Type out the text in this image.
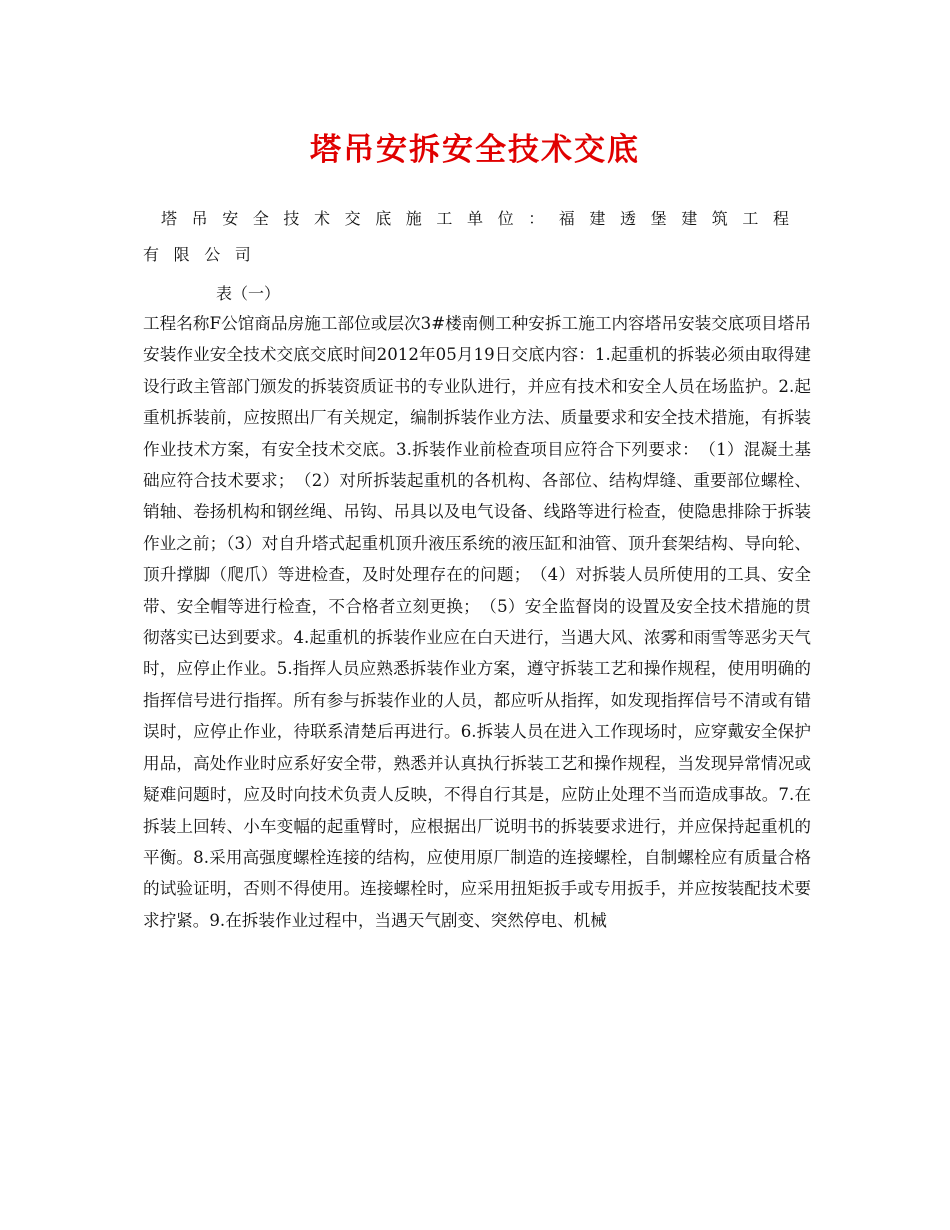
塔吊安拆安全技术交底

塔吊安全技术交底施工单位：福建透堡建筑工程有限公司

表（一）

工程名称F公馆商品房施工部位或层次3#楼南侧工种安拆工施工内容塔吊安装交底项目塔吊安装作业安全技术交底交底时间2012年05月19日交底内容：1.起重机的拆装必须由取得建设行政主管部门颁发的拆装资质证书的专业队进行，并应有技术和安全人员在场监护。2.起重机拆装前，应按照出厂有关规定，编制拆装作业方法、质量要求和安全技术措施，有拆装作业技术方案，有安全技术交底。3.拆装作业前检查项目应符合下列要求：　（1）混凝土基础应符合技术要求；　（2）对所拆装起重机的各机构、各部位、结构焊缝、重要部位螺栓、销轴、卷扬机构和钢丝绳、吊钩、吊具以及电气设备、线路等进行检查，使隐患排除于拆装作业之前；（3）对自升塔式起重机顶升液压系统的液压缸和油管、顶升套架结构、导向轮、顶升撑脚（爬爪）等进检查，及时处理存在的问题；　（4）对拆装人员所使用的工具、安全带、安全帽等进行检查，不合格者立刻更换；　（5）安全监督岗的设置及安全技术措施的贯彻落实已达到要求。4.起重机的拆装作业应在白天进行，当遇大风、浓雾和雨雪等恶劣天气时，应停止作业。5.指挥人员应熟悉拆装作业方案，遵守拆装工艺和操作规程，使用明确的指挥信号进行指挥。所有参与拆装作业的人员，都应听从指挥，如发现指挥信号不清或有错误时，应停止作业，待联系清楚后再进行。6.拆装人员在进入工作现场时，应穿戴安全保护用品，高处作业时应系好安全带，熟悉并认真执行拆装工艺和操作规程，当发现异常情况或疑难问题时，应及时向技术负责人反映，不得自行其是，应防止处理不当而造成事故。7.在拆装上回转、小车变幅的起重臂时，应根据出厂说明书的拆装要求进行，并应保持起重机的平衡。8.采用高强度螺栓连接的结构，应使用原厂制造的连接螺栓，自制螺栓应有质量合格的试验证明，否则不得使用。连接螺栓时，应采用扭矩扳手或专用扳手，并应按装配技术要求拧紧。9.在拆装作业过程中，当遇天气剧变、突然停电、机械
